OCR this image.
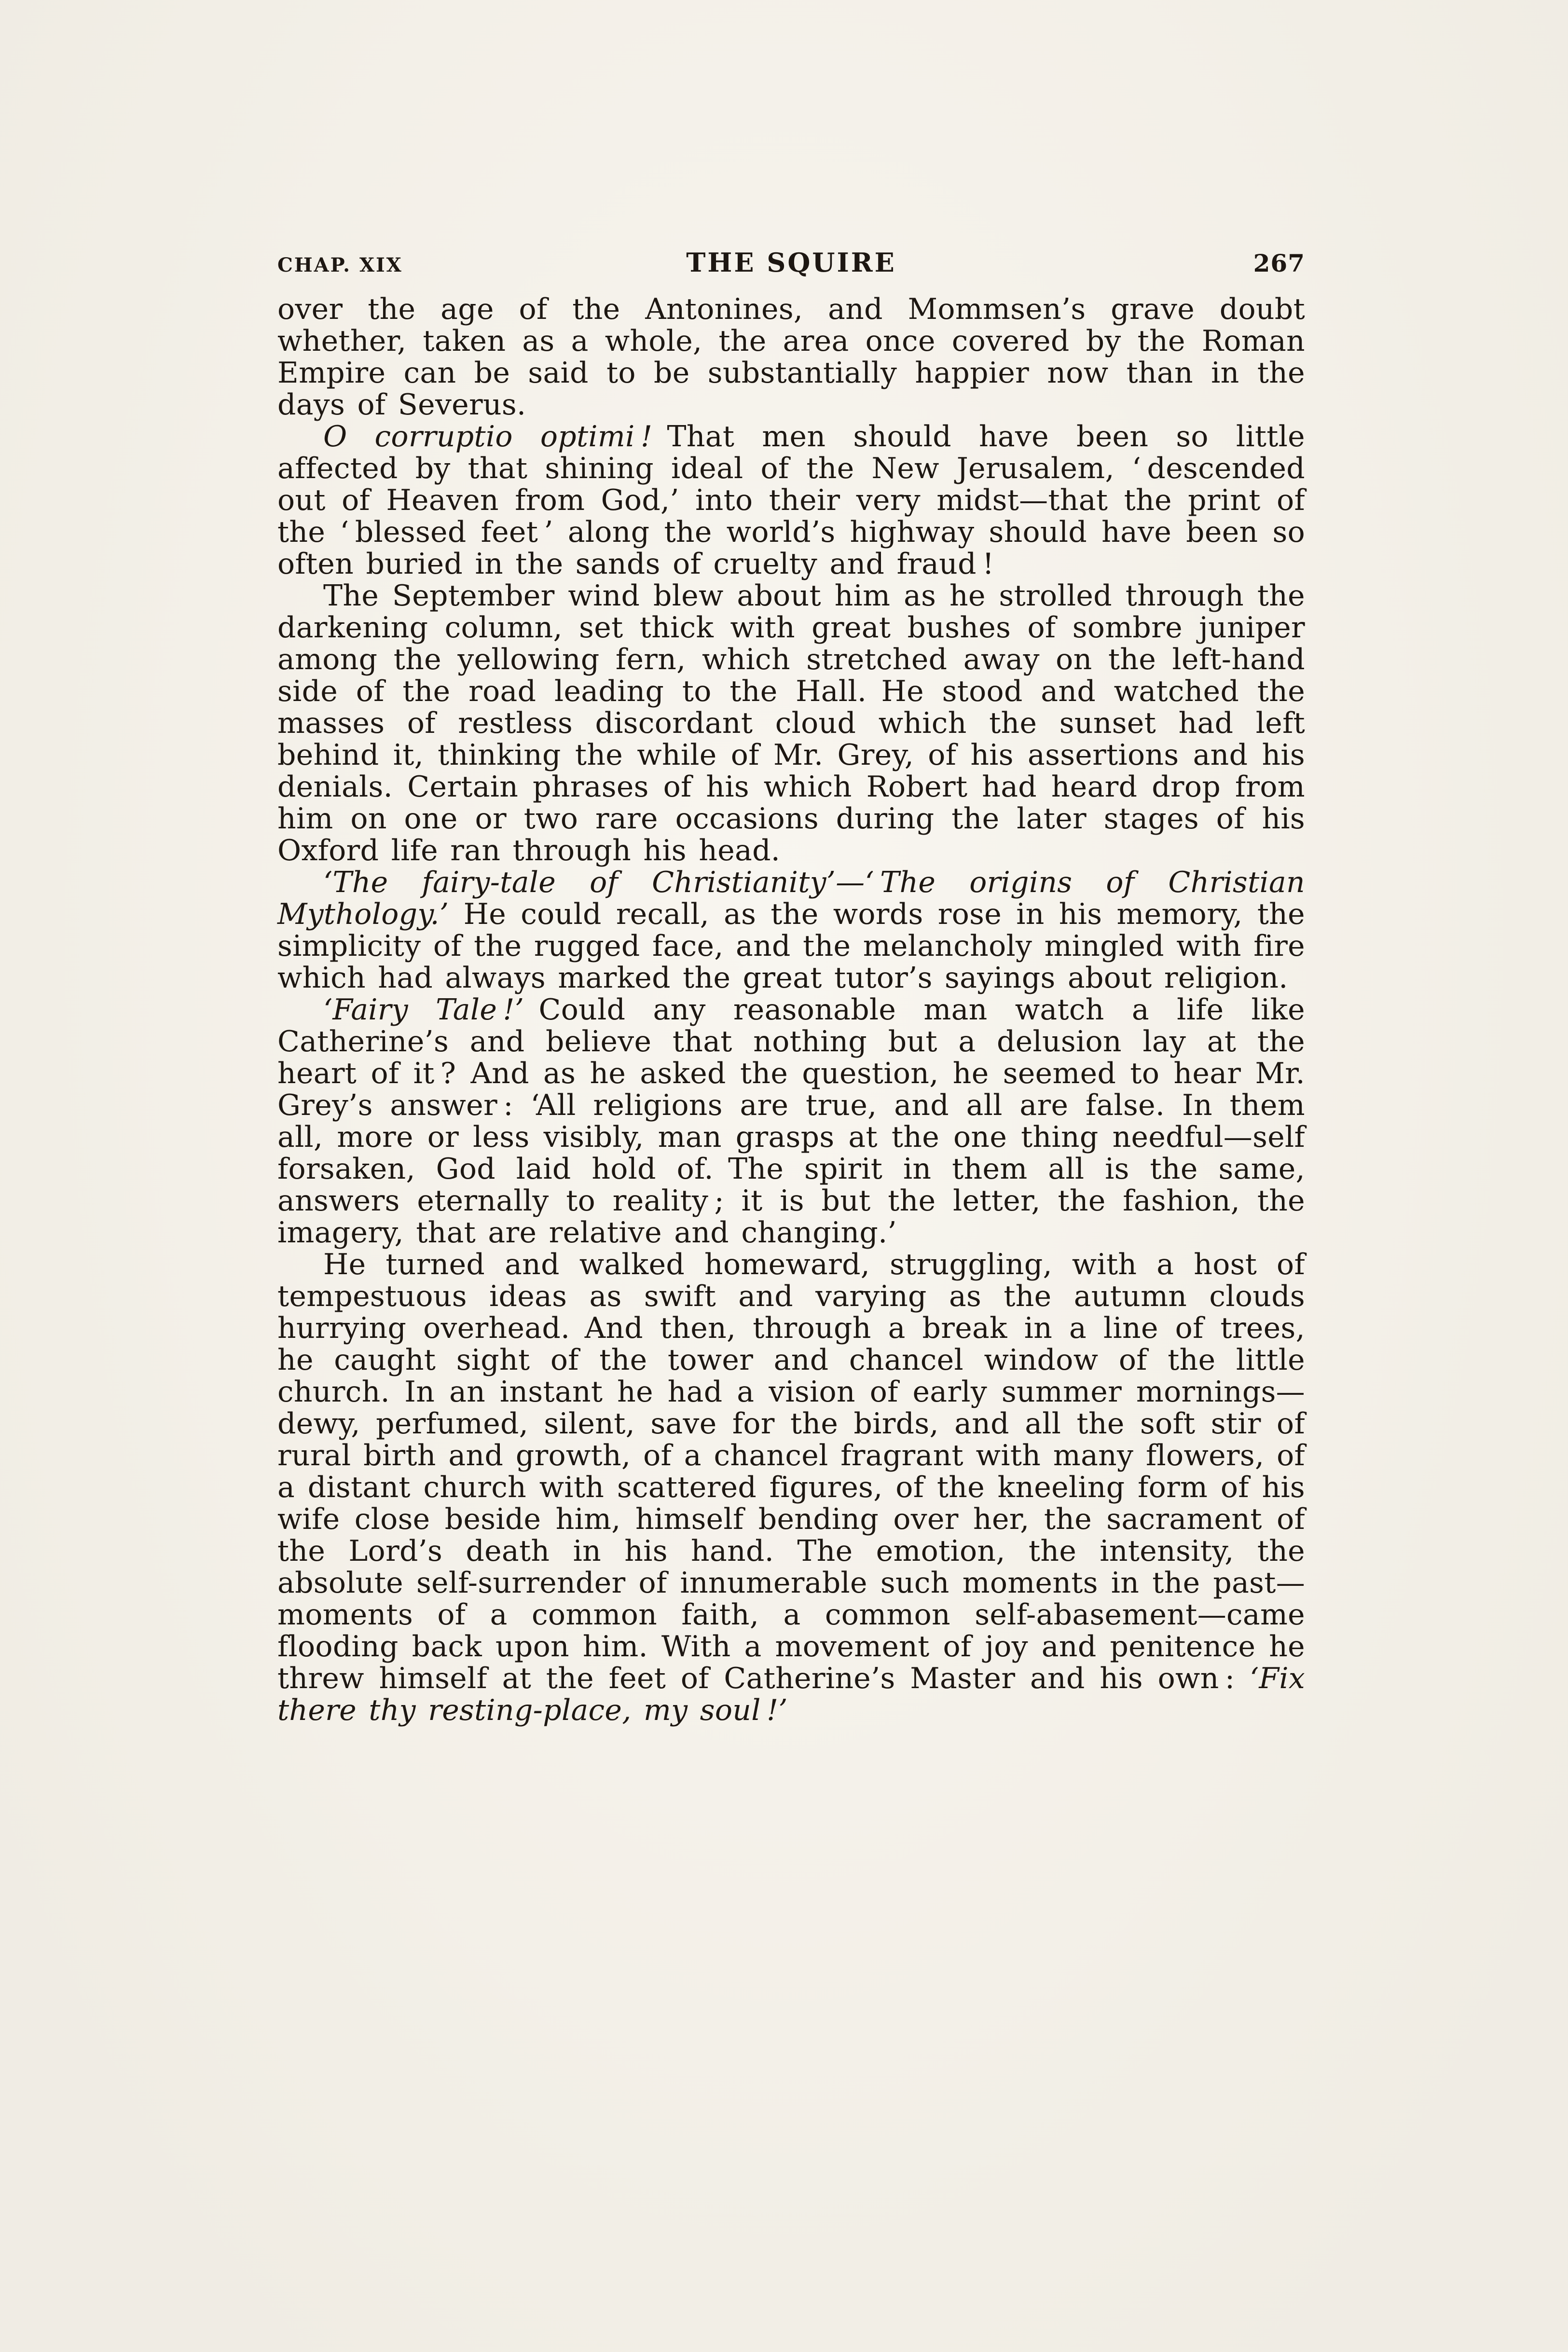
CHAP. XIX	THE SQUIRE	267

over the age of the Antonines, and Mommsen’s grave doubt whether, taken as a whole, the area once covered by the Roman Empire can be said to be substantially happier now than in the days of Severus.

O corruptio optimi ! That men should have been so little affected by that shining ideal of the New Jerusalem, ‘ descended out of Heaven from God,’ into their very midst—that the print of the ‘ blessed feet ’ along the world’s highway should have been so often buried in the sands of cruelty and fraud !

The September wind blew about him as he strolled through the darkening column, set thick with great bushes of sombre juniper among the yellowing fern, which stretched away on the left-hand side of the road leading to the Hall. He stood and watched the masses of restless discordant cloud which the sunset had left behind it, thinking the while of Mr. Grey, of his assertions and his denials. Certain phrases of his which Robert had heard drop from him on one or two rare occasions during the later stages of his Oxford life ran through his head.

‘The fairy-tale of Christianity’—‘ The origins of Christian Mythology.’ He could recall, as the words rose in his memory, the simplicity of the rugged face, and the melancholy mingled with fire which had always marked the great tutor’s sayings about religion.

‘Fairy Tale !’ Could any reasonable man watch a life like Catherine’s and believe that nothing but a delusion lay at the heart of it ? And as he asked the question, he seemed to hear Mr. Grey’s answer : ‘All religions are true, and all are false. In them all, more or less visibly, man grasps at the one thing needful—self forsaken, God laid hold of. The spirit in them all is the same, answers eternally to reality ; it is but the letter, the fashion, the imagery, that are relative and changing.’

He turned and walked homeward, struggling, with a host of tempestuous ideas as swift and varying as the autumn clouds hurrying overhead. And then, through a break in a line of trees, he caught sight of the tower and chancel window of the little church. In an instant he had a vision of early summer mornings—dewy, perfumed, silent, save for the birds, and all the soft stir of rural birth and growth, of a chancel fragrant with many flowers, of a distant church with scattered figures, of the kneeling form of his wife close beside him, himself bending over her, the sacrament of the Lord’s death in his hand. The emotion, the intensity, the absolute self-surrender of innumerable such moments in the past—moments of a common faith, a common self-abasement—came flooding back upon him. With a movement of joy and penitence he threw himself at the feet of Catherine’s Master and his own : ‘Fix there thy resting-place, my soul !’
